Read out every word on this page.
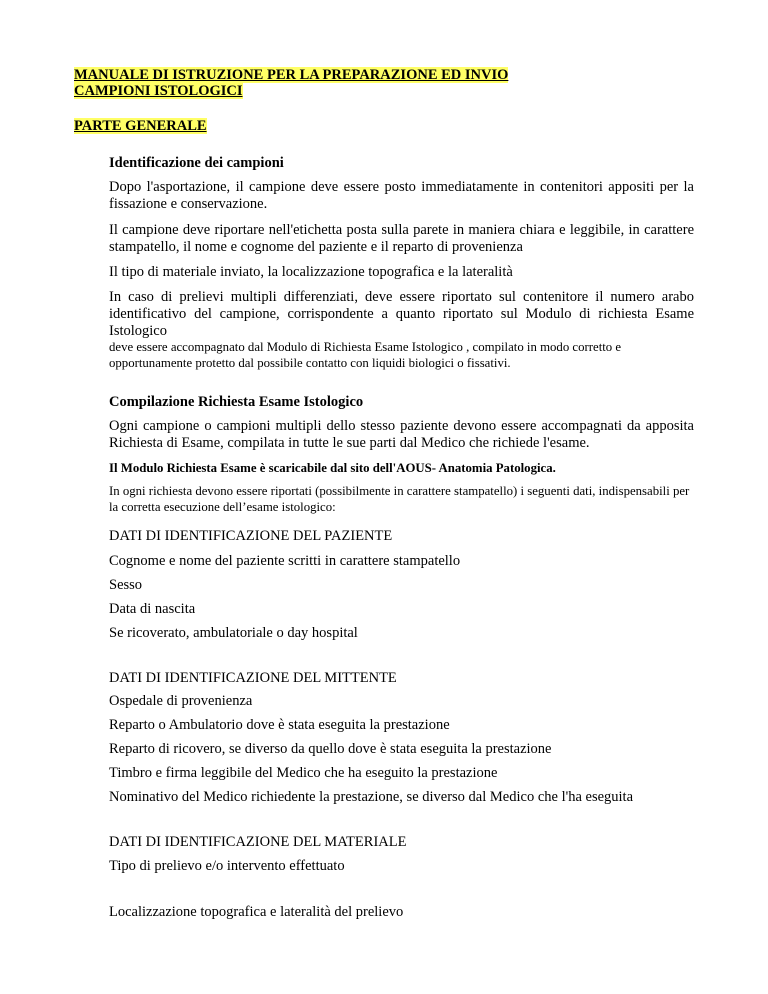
MANUALE DI ISTRUZIONE PER LA PREPARAZIONE ED INVIO
CAMPIONI ISTOLOGICI
PARTE GENERALE
Identificazione dei campioni
Dopo l'asportazione, il campione deve essere posto immediatamente in contenitori appositi per la fissazione e conservazione.
Il campione deve riportare nell'etichetta posta sulla parete in maniera chiara e leggibile, in carattere stampatello, il nome e cognome del paziente e il reparto di provenienza
Il tipo di materiale inviato, la localizzazione topografica e la lateralità
In caso di prelievi multipli differenziati, deve essere riportato sul contenitore il numero arabo identificativo del campione, corrispondente a quanto riportato sul Modulo di richiesta Esame Istologico
deve essere accompagnato dal Modulo di Richiesta Esame Istologico , compilato in modo corretto e opportunamente protetto dal possibile contatto con liquidi biologici o fissativi.
Compilazione Richiesta Esame Istologico
Ogni campione o campioni multipli dello stesso paziente devono essere accompagnati da apposita Richiesta di Esame, compilata in tutte le sue parti dal Medico che richiede l'esame.
Il Modulo Richiesta Esame è scaricabile dal sito dell'AOUS- Anatomia Patologica.
In ogni richiesta devono essere riportati (possibilmente in carattere stampatello) i seguenti dati, indispensabili per la corretta esecuzione dell’esame istologico:
DATI DI IDENTIFICAZIONE DEL PAZIENTE
Cognome e nome del paziente scritti in carattere stampatello
Sesso
Data di nascita
Se ricoverato, ambulatoriale o day hospital
DATI DI IDENTIFICAZIONE DEL MITTENTE
Ospedale di provenienza
Reparto o Ambulatorio dove è stata eseguita la prestazione
Reparto di ricovero, se diverso da quello dove è stata eseguita la prestazione
Timbro e firma leggibile del Medico che ha eseguito la prestazione
Nominativo del Medico richiedente la prestazione, se diverso dal Medico che l'ha eseguita
DATI DI IDENTIFICAZIONE DEL MATERIALE
Tipo di prelievo e/o intervento effettuato
Localizzazione topografica e lateralità del prelievo
